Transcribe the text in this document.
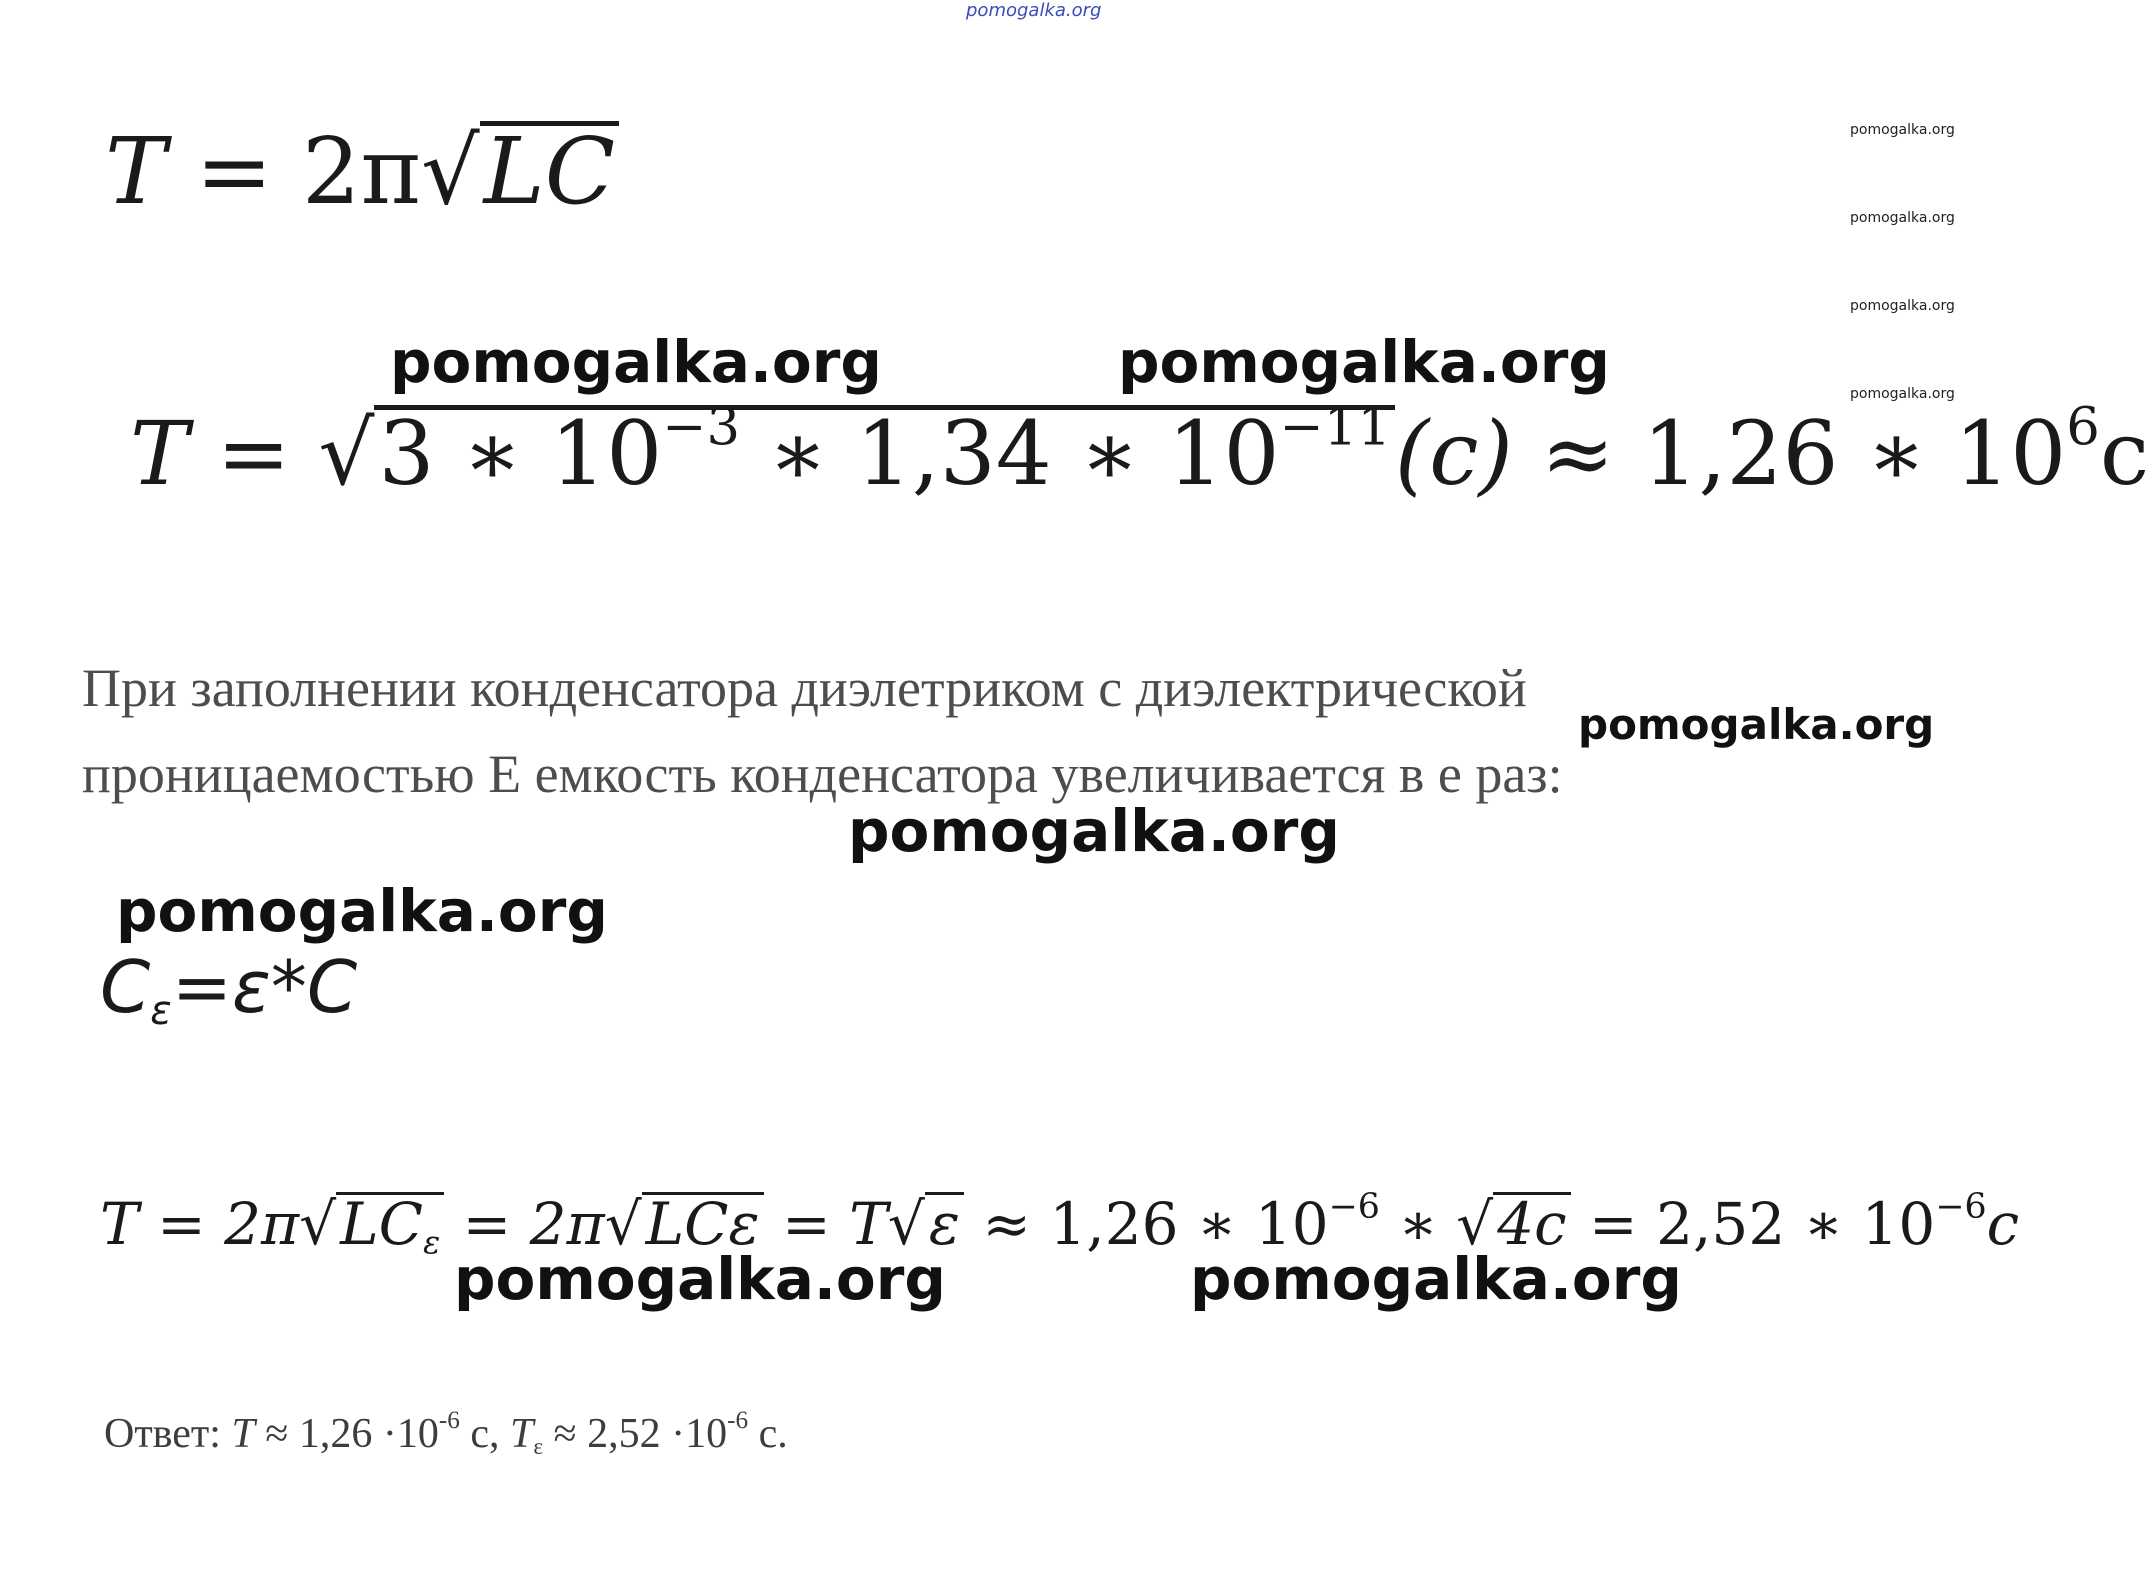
pomogalka.org
pomogalka.org
pomogalka.org
pomogalka.org
pomogalka.org
T = 2π√LC
pomogalka.org	pomogalka.org
T = √3 ∗ $10^{-3}$ ∗ 1,34 ∗ $10^{-11}(c) \approx 1,26$ ∗ $10^6c$
При заполнении конденсатора диэлетриком с диэлектрической
проницаемостью Е емкость конденсатора увеличивается в е раз:
pomogalka.org
pomogalka.org
pomogalka.org
$C_\varepsilon=\varepsilon*C$
$T = 2\pi√LC_\varepsilon = 2\pi√LC\varepsilon = T√\varepsilon \approx 1,26$ ∗ $10^{-6}$ ∗ √4c = 2,52 ∗ $10^{-6}c$
pomogalka.org	pomogalka.org
Ответ: $T \approx 1,26 \cdot 10^{-6}$ с, $T_\varepsilon \approx 2,52 \cdot 10^{-6}$ с.
